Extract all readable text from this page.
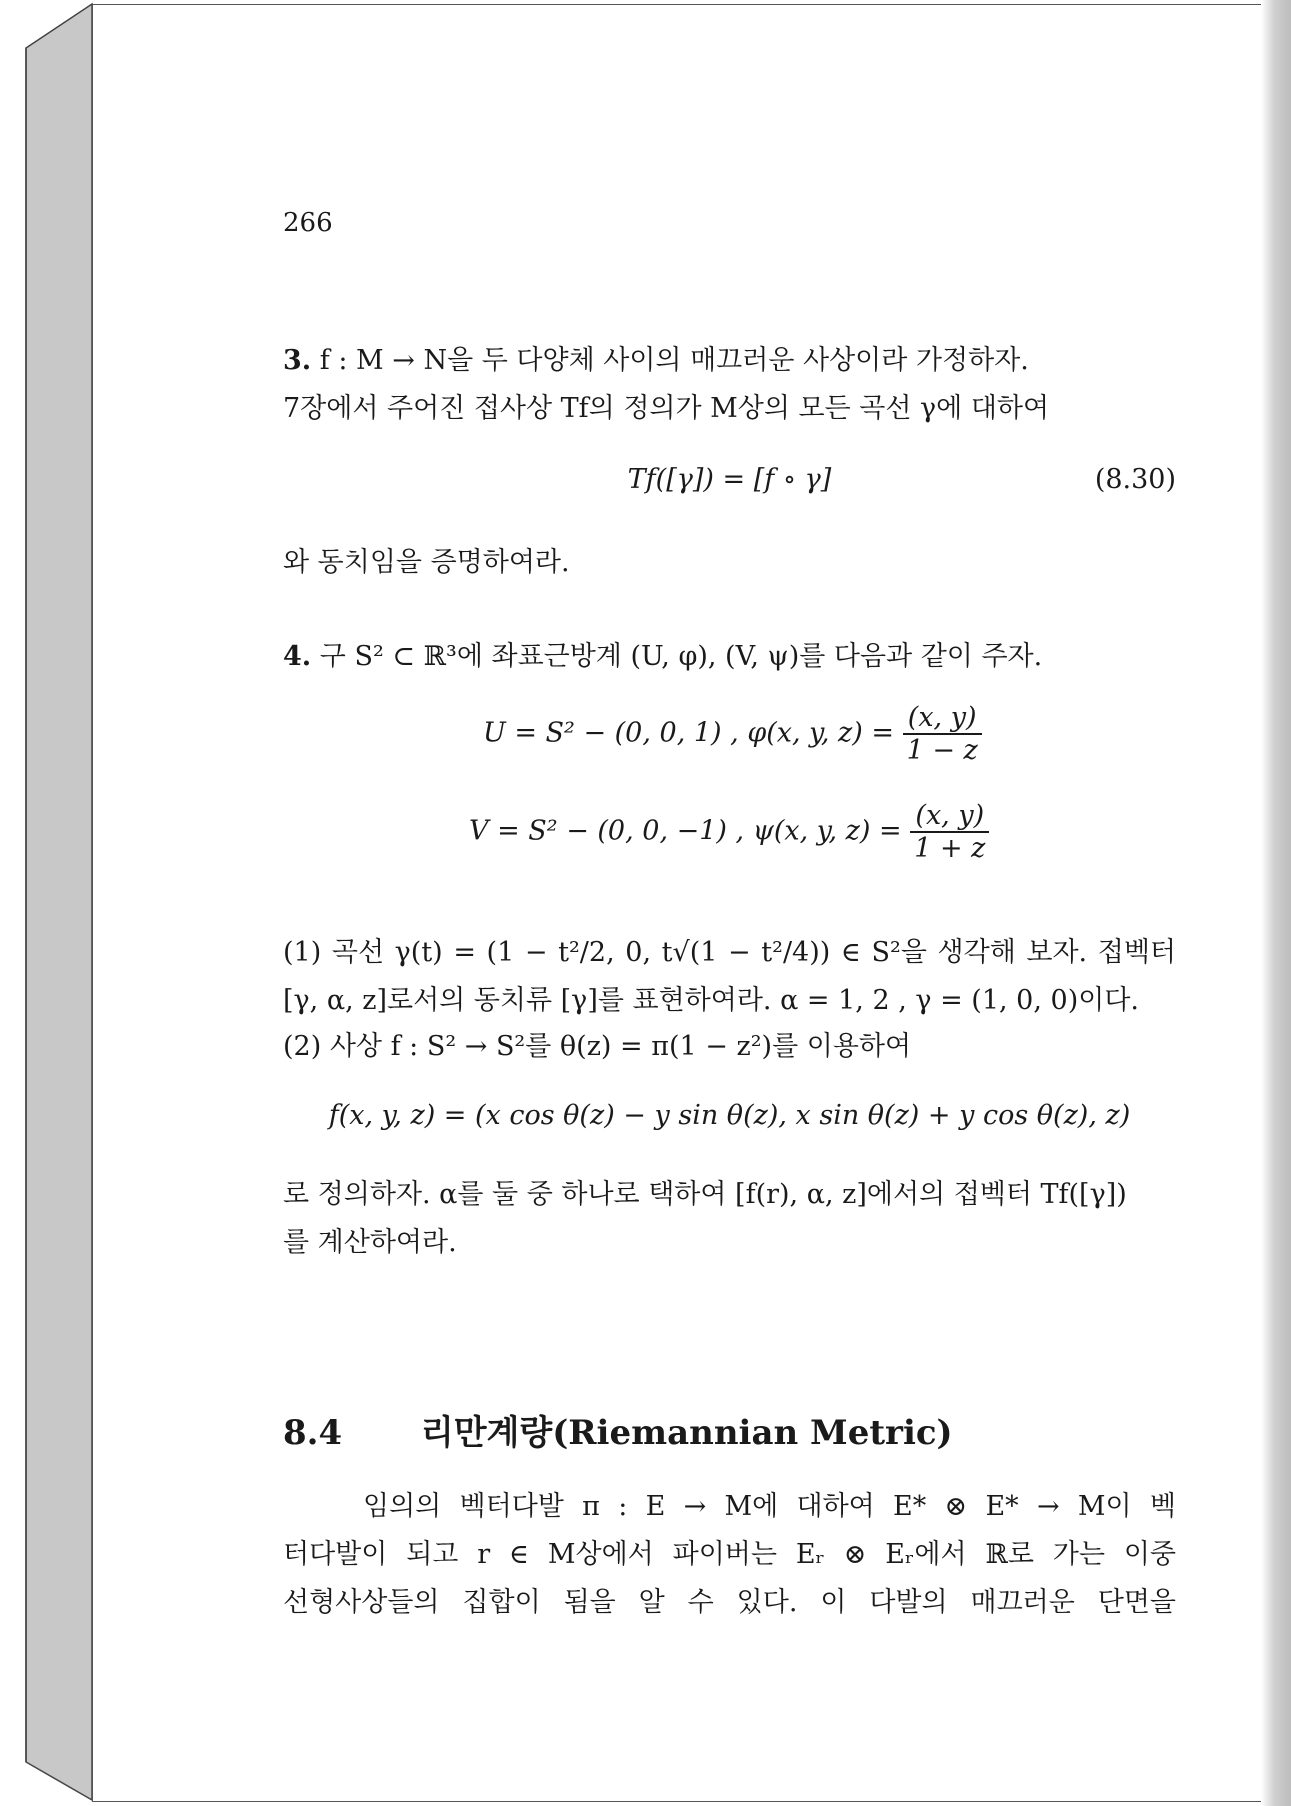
266
3. f : M → N을 두 다양체 사이의 매끄러운 사상이라 가정하자.
7장에서 주어진 접사상 Tf의 정의가 M상의 모든 곡선 γ에 대하여
Tf([γ]) = [f ∘ γ]	(8.30)
와 동치임을 증명하여라.
4. 구 S² ⊂ ℝ³에 좌표근방계 (U, φ), (V, ψ)를 다음과 같이 주자.
U = S² − (0, 0, 1) , φ(x, y, $z) = \frac{(x, y)}{1 - z}$
V = S² − (0, 0, −1) , ψ(x, y, $z) = \frac{(x, y)}{1 + z}$
(1) 곡선 γ(t) = (1 − t²/2, 0, t√(1 − t²/4)) ∈ S²을 생각해 보자. 접벡터
[γ, α, z]로서의 동치류 [γ]를 표현하여라. α = 1, 2 , γ = (1, 0, 0)이다.
(2) 사상 f : S² → S²를 θ(z) = π(1 − z²)를 이용하여
f(x, y, z) = (x cos θ(z) − y sin θ(z), x sin θ(z) + y cos θ(z), z)
로 정의하자. α를 둘 중 하나로 택하여 [f(r), α, z]에서의 접벡터 Tf([γ])
를 계산하여라.
8.4 리만계량(Riemannian Metric)
임의의 벡터다발 π : E → M에 대하여 E* ⊗ E* → M이 벡
터다발이 되고 r ∈ M상에서 파이버는 Eᵣ ⊗ Eᵣ에서 ℝ로 가는 이중
선형사상들의 집합이 됨을 알 수 있다. 이 다발의 매끄러운 단면을
